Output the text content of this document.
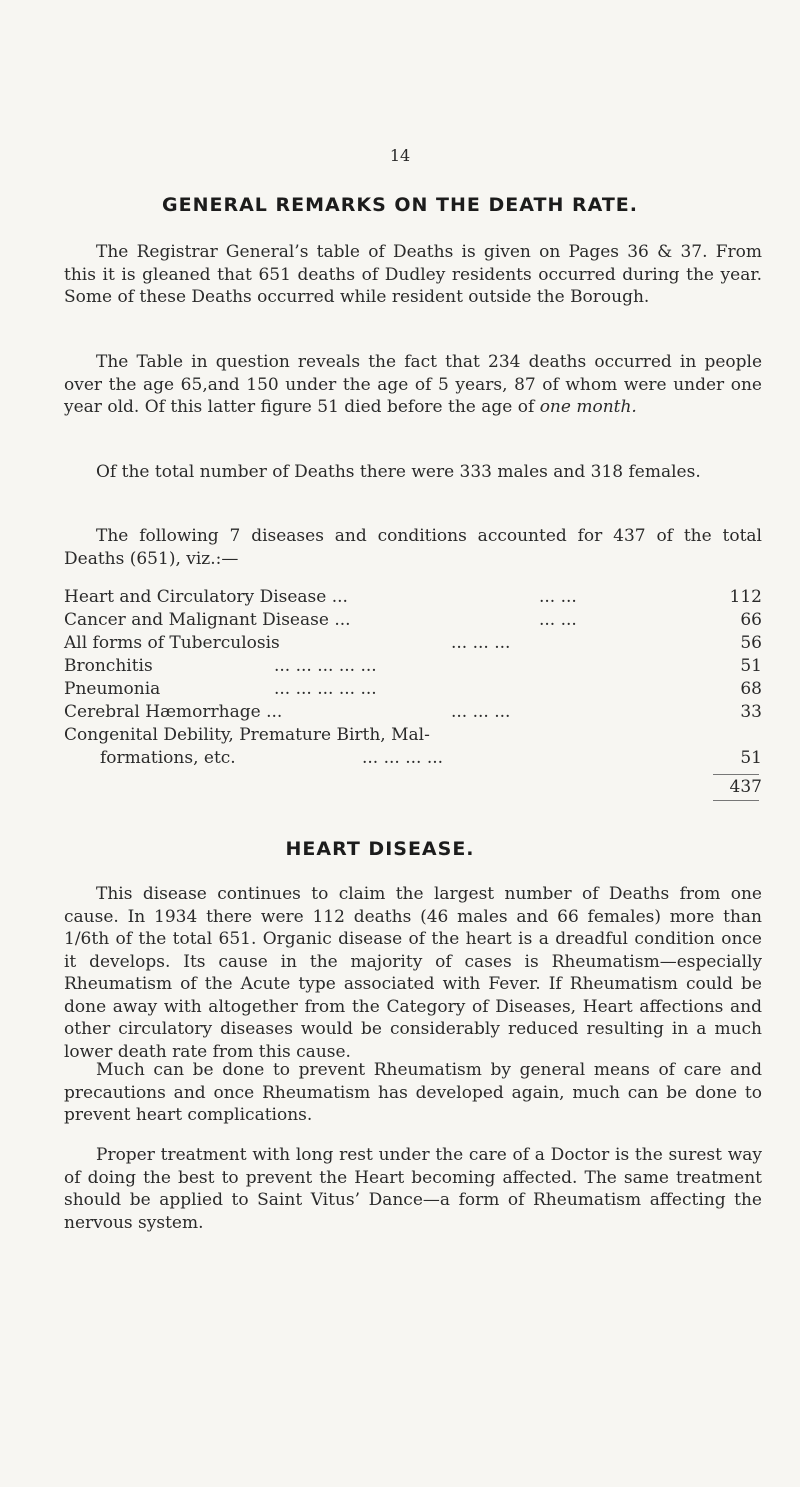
14
GENERAL REMARKS ON THE DEATH RATE.
The Registrar General’s table of Deaths is given on Pages 36 & 37. From this it is gleaned that 651 deaths of Dudley residents occurred during the year. Some of these Deaths occurred while resident outside the Borough.
The Table in question reveals the fact that 234 deaths occurred in people over the age 65,and 150 under the age of 5 years, 87 of whom were under one year old. Of this latter figure 51 died before the age of one month.
Of the total number of Deaths there were 333 males and 318 females.
The following 7 diseases and conditions accounted for 437 of the total Deaths (651), viz.:—
Heart and Circulatory Disease ...	... ...	112
Cancer and Malignant Disease ...	... ...	66
All forms of Tuberculosis	... ... ...	56
Bronchitis	... ... ... ... ...	51
Pneumonia	... ... ... ... ...	68
Cerebral Hæmorrhage ...	... ... ...	33
Congenital Debility, Premature Birth, Mal-
formations, etc.	... ... ... ...	51
437
HEART DISEASE.
This disease continues to claim the largest number of Deaths from one cause. In 1934 there were 112 deaths (46 males and 66 females) more than 1/6th of the total 651. Organic disease of the heart is a dreadful condition once it develops. Its cause in the majority of cases is Rheumatism—especially Rheumatism of the Acute type associated with Fever. If Rheumatism could be done away with altogether from the Category of Diseases, Heart affections and other circulatory diseases would be considerably reduced resulting in a much lower death rate from this cause.
Much can be done to prevent Rheumatism by general means of care and precautions and once Rheumatism has developed again, much can be done to prevent heart complications.
Proper treatment with long rest under the care of a Doctor is the surest way of doing the best to prevent the Heart becoming affected. The same treatment should be applied to Saint Vitus’ Dance—a form of Rheumatism affecting the nervous system.
